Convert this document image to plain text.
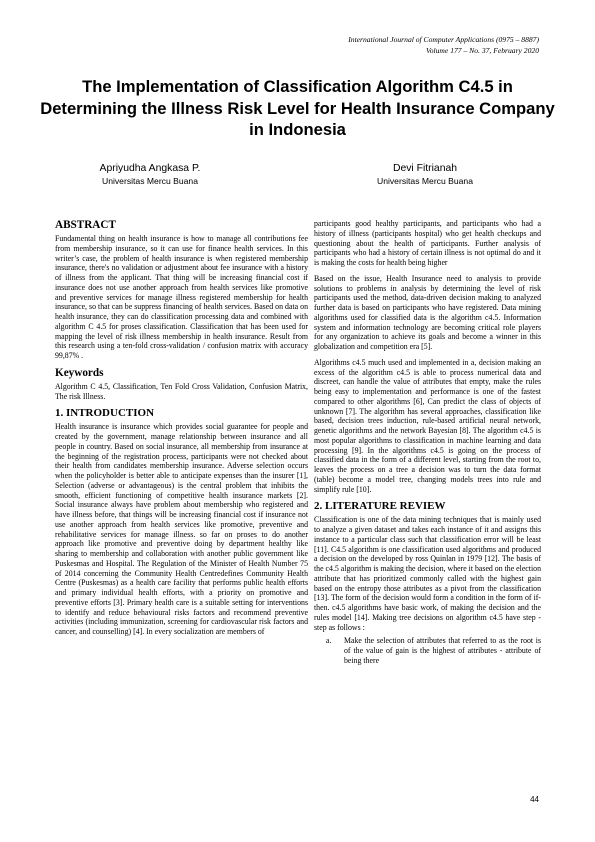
International Journal of Computer Applications (0975 – 8887)
Volume 177 – No. 37, February 2020
The Implementation of Classification Algorithm C4.5 in Determining the Illness Risk Level for Health Insurance Company in Indonesia
Apriyudha Angkasa P.
Universitas Mercu Buana
Devi Fitrianah
Universitas Mercu Buana
ABSTRACT

Fundamental thing on health insurance is how to manage all contributions fee from membership insurance, so it can use for finance health services. In this writer’s case, the problem of health insurance is when registered membership insurance, there's no validation or adjustment about fee insurance with a history of illness from the applicant. That thing will be increasing financial cost if insurance does not use another approach from health services like promotive and preventive services for manage illness registered membership for health insurance, so that can be suppress financing of health services. Based on data on health insurance, they can do classification processing data and combined with algorithm C 4.5 for proses classification. Classification that has been used for mapping the level of risk illness membership in health insurance. Result from this research using a ten-fold cross-validation / confusion matrix with accuracy 99,87% .

Keywords

Algorithm C 4.5, Classification, Ten Fold Cross Validation, Confusion Matrix, The risk Illness.

1. INTRODUCTION

Health insurance is insurance which provides social guarantee for people and created by the government, manage relationship between insurance and all people in country. Based on social insurance, all membership from insurance at the beginning of the registration process, participants were not checked about their health from candidates membership insurance. Adverse selection occurs when the policyholder is better able to anticipate expenses than the insurer [1], Selection (adverse or advantageous) is the central problem that inhibits the smooth, efficient functioning of competitive health insurance markets [2]. Social insurance always have problem about membership who registered and have illness before, that things will be increasing financial cost if insurance not use another approach from health services like promotive, preventive and rehabilitative services for manage illness. so far on proses to do another approach like promotive and preventive doing by department healthy like sharing to membership and collaboration with another public government like Puskesmas and Hospital. The Regulation of the Minister of Health Number 75 of 2014 concerning the Community Health Centredefines Community Health Centre (Puskesmas) as a health care facility that performs public health efforts and primary individual health efforts, with a priority on promotive and preventive efforts [3]. Primary health care is a suitable setting for interventions to identify and reduce behavioural risks factors and recommend preventive activities (including immunization, screening for cardiovascular risk factors and cancer, and counselling) [4]. In every socialization are members of

participants good healthy participants, and participants who had a history of illness (participants hospital) who get health checkups and questioning about the health of participants. Further analysis of participants who had a history of certain illness is not optimal do and it is making the costs for health being higher

Based on the issue, Health Insurance need to analysis to provide solutions to problems in analysis by determining the level of risk participants used the method, data-driven decision making to analyzed further data is based on participants who have registered. Data mining algorithms used for classified data is the algorithm c4.5. Information system and information technology are becoming critical role players for any organization to achieve its goals and become a winner in this globalization and competition era [5].

Algorithms c4.5 much used and implemented in a, decision making an excess of the algorithm c4.5 is able to process numerical data and discreet, can handle the value of attributes that empty, make the rules being easy to implementation and performance is one of the fastest compared to other algorithms [6], Can predict the class of objects of unknown [7]. The algorithm has several approaches, classification like based, decision trees induction, rule-based artificial neural network, genetic algorithms and the network Bayesian [8]. The algorithm c4.5 is most popular algorithms to classification in machine learning and data processing [9]. In the algorithms c4.5 is going on the process of classified data in the form of a different level, starting from the root to, leaves the process on a tree a decision was to turn the data format (table) become a model tree, changing models trees into rule and simplify rule [10].

2. LITERATURE REVIEW

Classification is one of the data mining techniques that is mainly used to analyze a given dataset and takes each instance of it and assigns this instance to a particular class such that classification error will be least [11]. C4.5 algorithm is one classification used algorithms and produced a decision on the developed by ross Quinlan in 1979 [12]. The basis of the c4.5 algorithm is making the decision, where it based on the election attribute that has prioritized commonly called with the highest gain based on the entropy those attributes as a pivot from the classification [13]. The form of the decision would form a condition in the form of if-then. c4.5 algorithms have basic work, of making the decision and the rules model [14]. Making tree decisions on algorithm c4.5 have step - step as follows :

a.	Make the selection of attributes that referred to as the root is of the value of gain is the highest of attributes - attribute of being there
44
